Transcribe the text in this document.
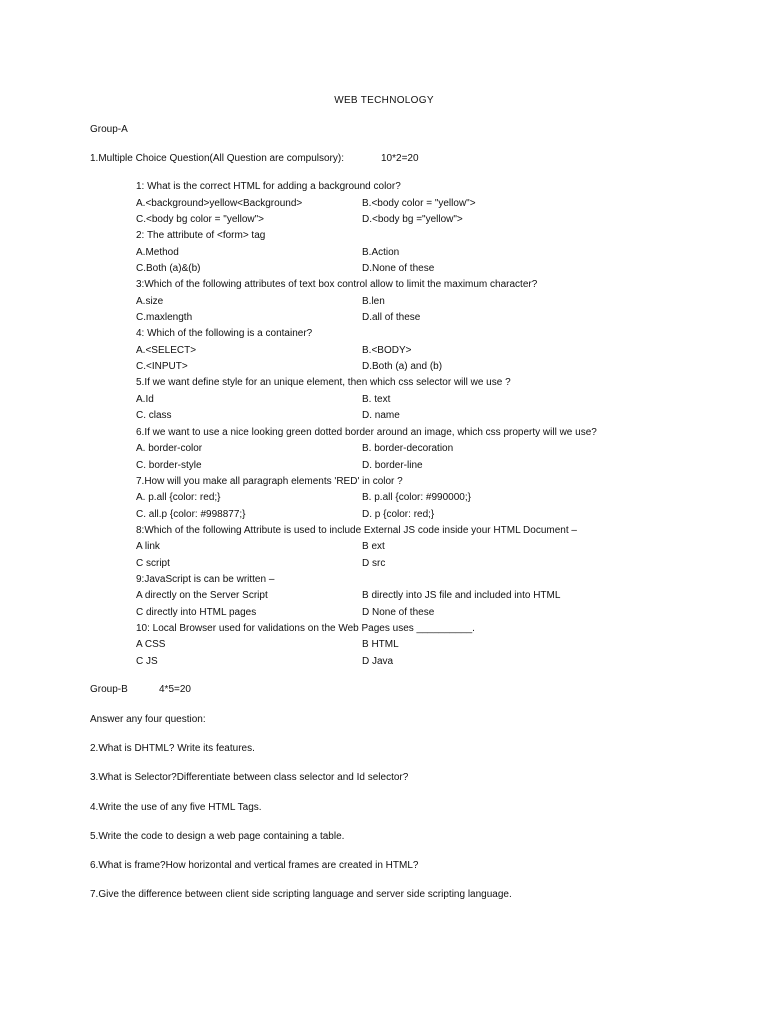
WEB TECHNOLOGY
Group-A
1.Multiple Choice Question(All Question are compulsory):	10*2=20
1: What is the correct HTML for adding a background color?
A.<background>yellow<Background>	B.<body color = "yellow">
C.<body bg color = "yellow">	D.<body bg ="yellow">
2: The attribute of <form> tag
A.Method	B.Action
C.Both (a)&(b)	D.None of these
3:Which of the following attributes of text box control allow to limit the maximum character?
A.size	B.len
C.maxlength	D.all of these
4: Which of the following is a container?
A.<SELECT>	B.<BODY>
C.<INPUT>	D.Both (a) and (b)
5.If we want define style for an unique element, then which css selector will we use ?
A.Id	B. text
C. class	D. name
6.If we want to use a nice looking green dotted border around an image, which css property will we use?
A. border-color	B. border-decoration
C. border-style	D. border-line
7.How will you make all paragraph elements 'RED' in color ?
A. p.all {color: red;}	B. p.all {color: #990000;}
C. all.p {color: #998877;}	D. p {color: red;}
8:Which of the following Attribute is used to include External JS code inside your HTML Document –
A link	B ext
C script	D src
9:JavaScript is can be written –
A directly on the Server Script	B directly into JS file and included into HTML
C directly into HTML pages	D None of these
10: Local Browser used for validations on the Web Pages uses __________.
A CSS	B HTML
C JS	D Java
Group-B	4*5=20
Answer any four question:
2.What is DHTML? Write its features.
3.What is Selector?Differentiate between class selector and Id selector?
4.Write the use of any five HTML Tags.
5.Write the code to design a web page containing a table.
6.What is frame?How horizontal and vertical frames are created in HTML?
7.Give the difference between client side scripting language and server side scripting language.
